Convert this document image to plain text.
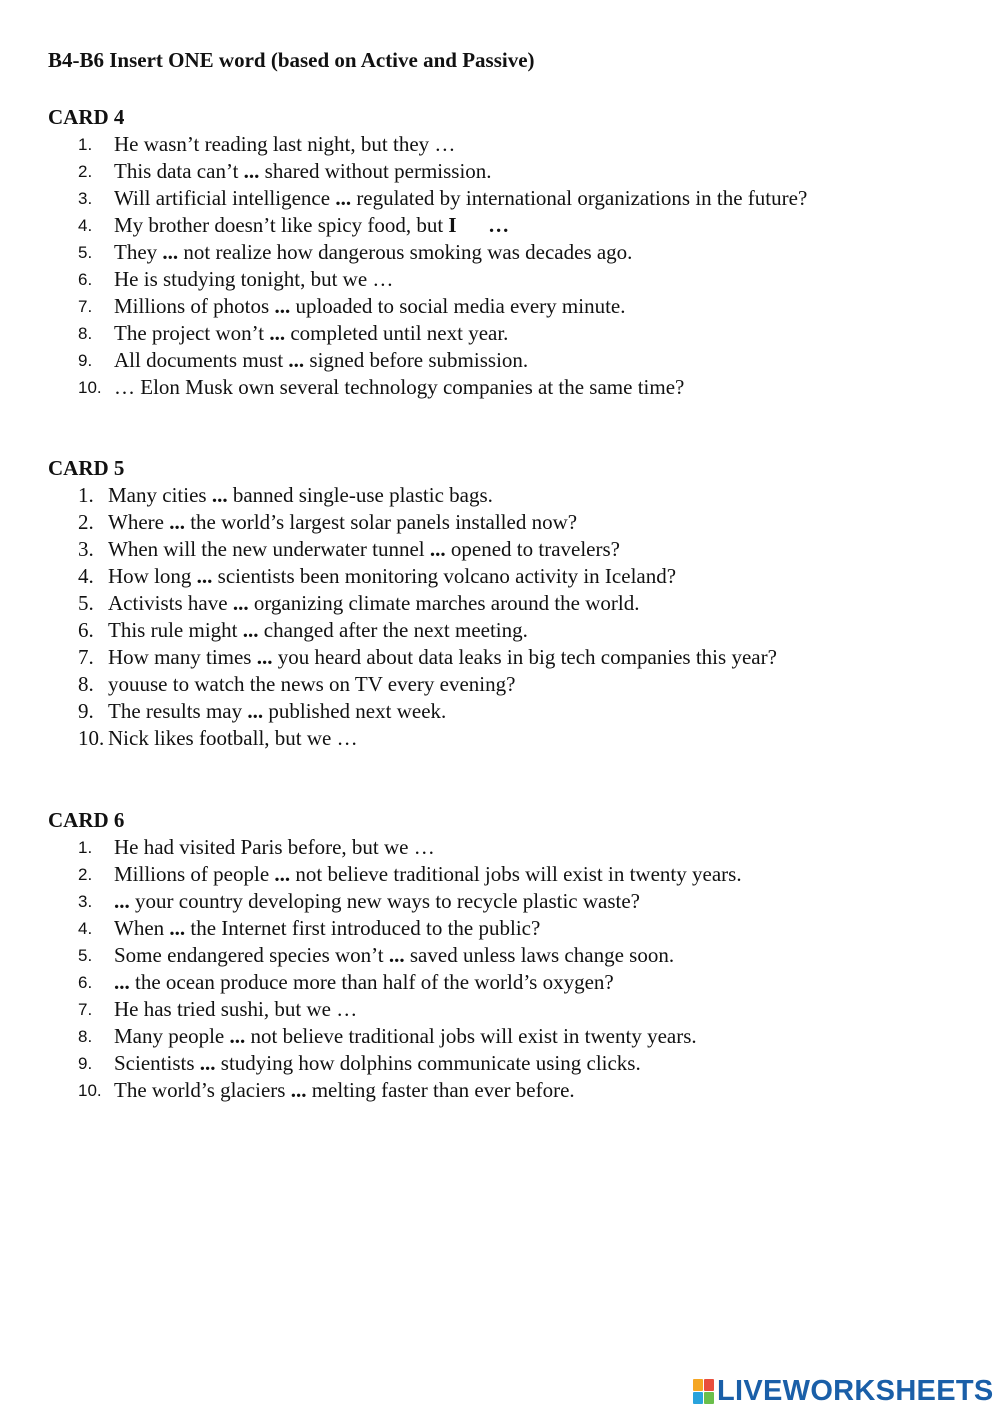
B4-B6 Insert ONE word (based on Active and Passive)
CARD 4
1. He wasn’t reading last night, but they …
2. This data can’t ... shared without permission.
3. Will artificial intelligence ... regulated by international organizations in the future?
4. My brother doesn’t like spicy food, but I …
5. They ... not realize how dangerous smoking was decades ago.
6. He is studying tonight, but we …
7. Millions of photos ... uploaded to social media every minute.
8. The project won’t ... completed until next year.
9. All documents must ... signed before submission.
10. … Elon Musk own several technology companies at the same time?
CARD 5
1. Many cities ... banned single-use plastic bags.
2. Where ... the world’s largest solar panels installed now?
3. When will the new underwater tunnel ... opened to travelers?
4. How long ... scientists been monitoring volcano activity in Iceland?
5. Activists have ... organizing climate marches around the world.
6. This rule might ... changed after the next meeting.
7. How many times ... you heard about data leaks in big tech companies this year?
8. youuse to watch the news on TV every evening?
9. The results may ... published next week.
10. Nick likes football, but we …
CARD 6
1. He had visited Paris before, but we …
2. Millions of people ... not believe traditional jobs will exist in twenty years.
3. ... your country developing new ways to recycle plastic waste?
4. When ... the Internet first introduced to the public?
5. Some endangered species won’t ... saved unless laws change soon.
6. ... the ocean produce more than half of the world’s oxygen?
7. He has tried sushi, but we …
8. Many people ... not believe traditional jobs will exist in twenty years.
9. Scientists ... studying how dolphins communicate using clicks.
10. The world’s glaciers ... melting faster than ever before.
LIVEWORKSHEETS
